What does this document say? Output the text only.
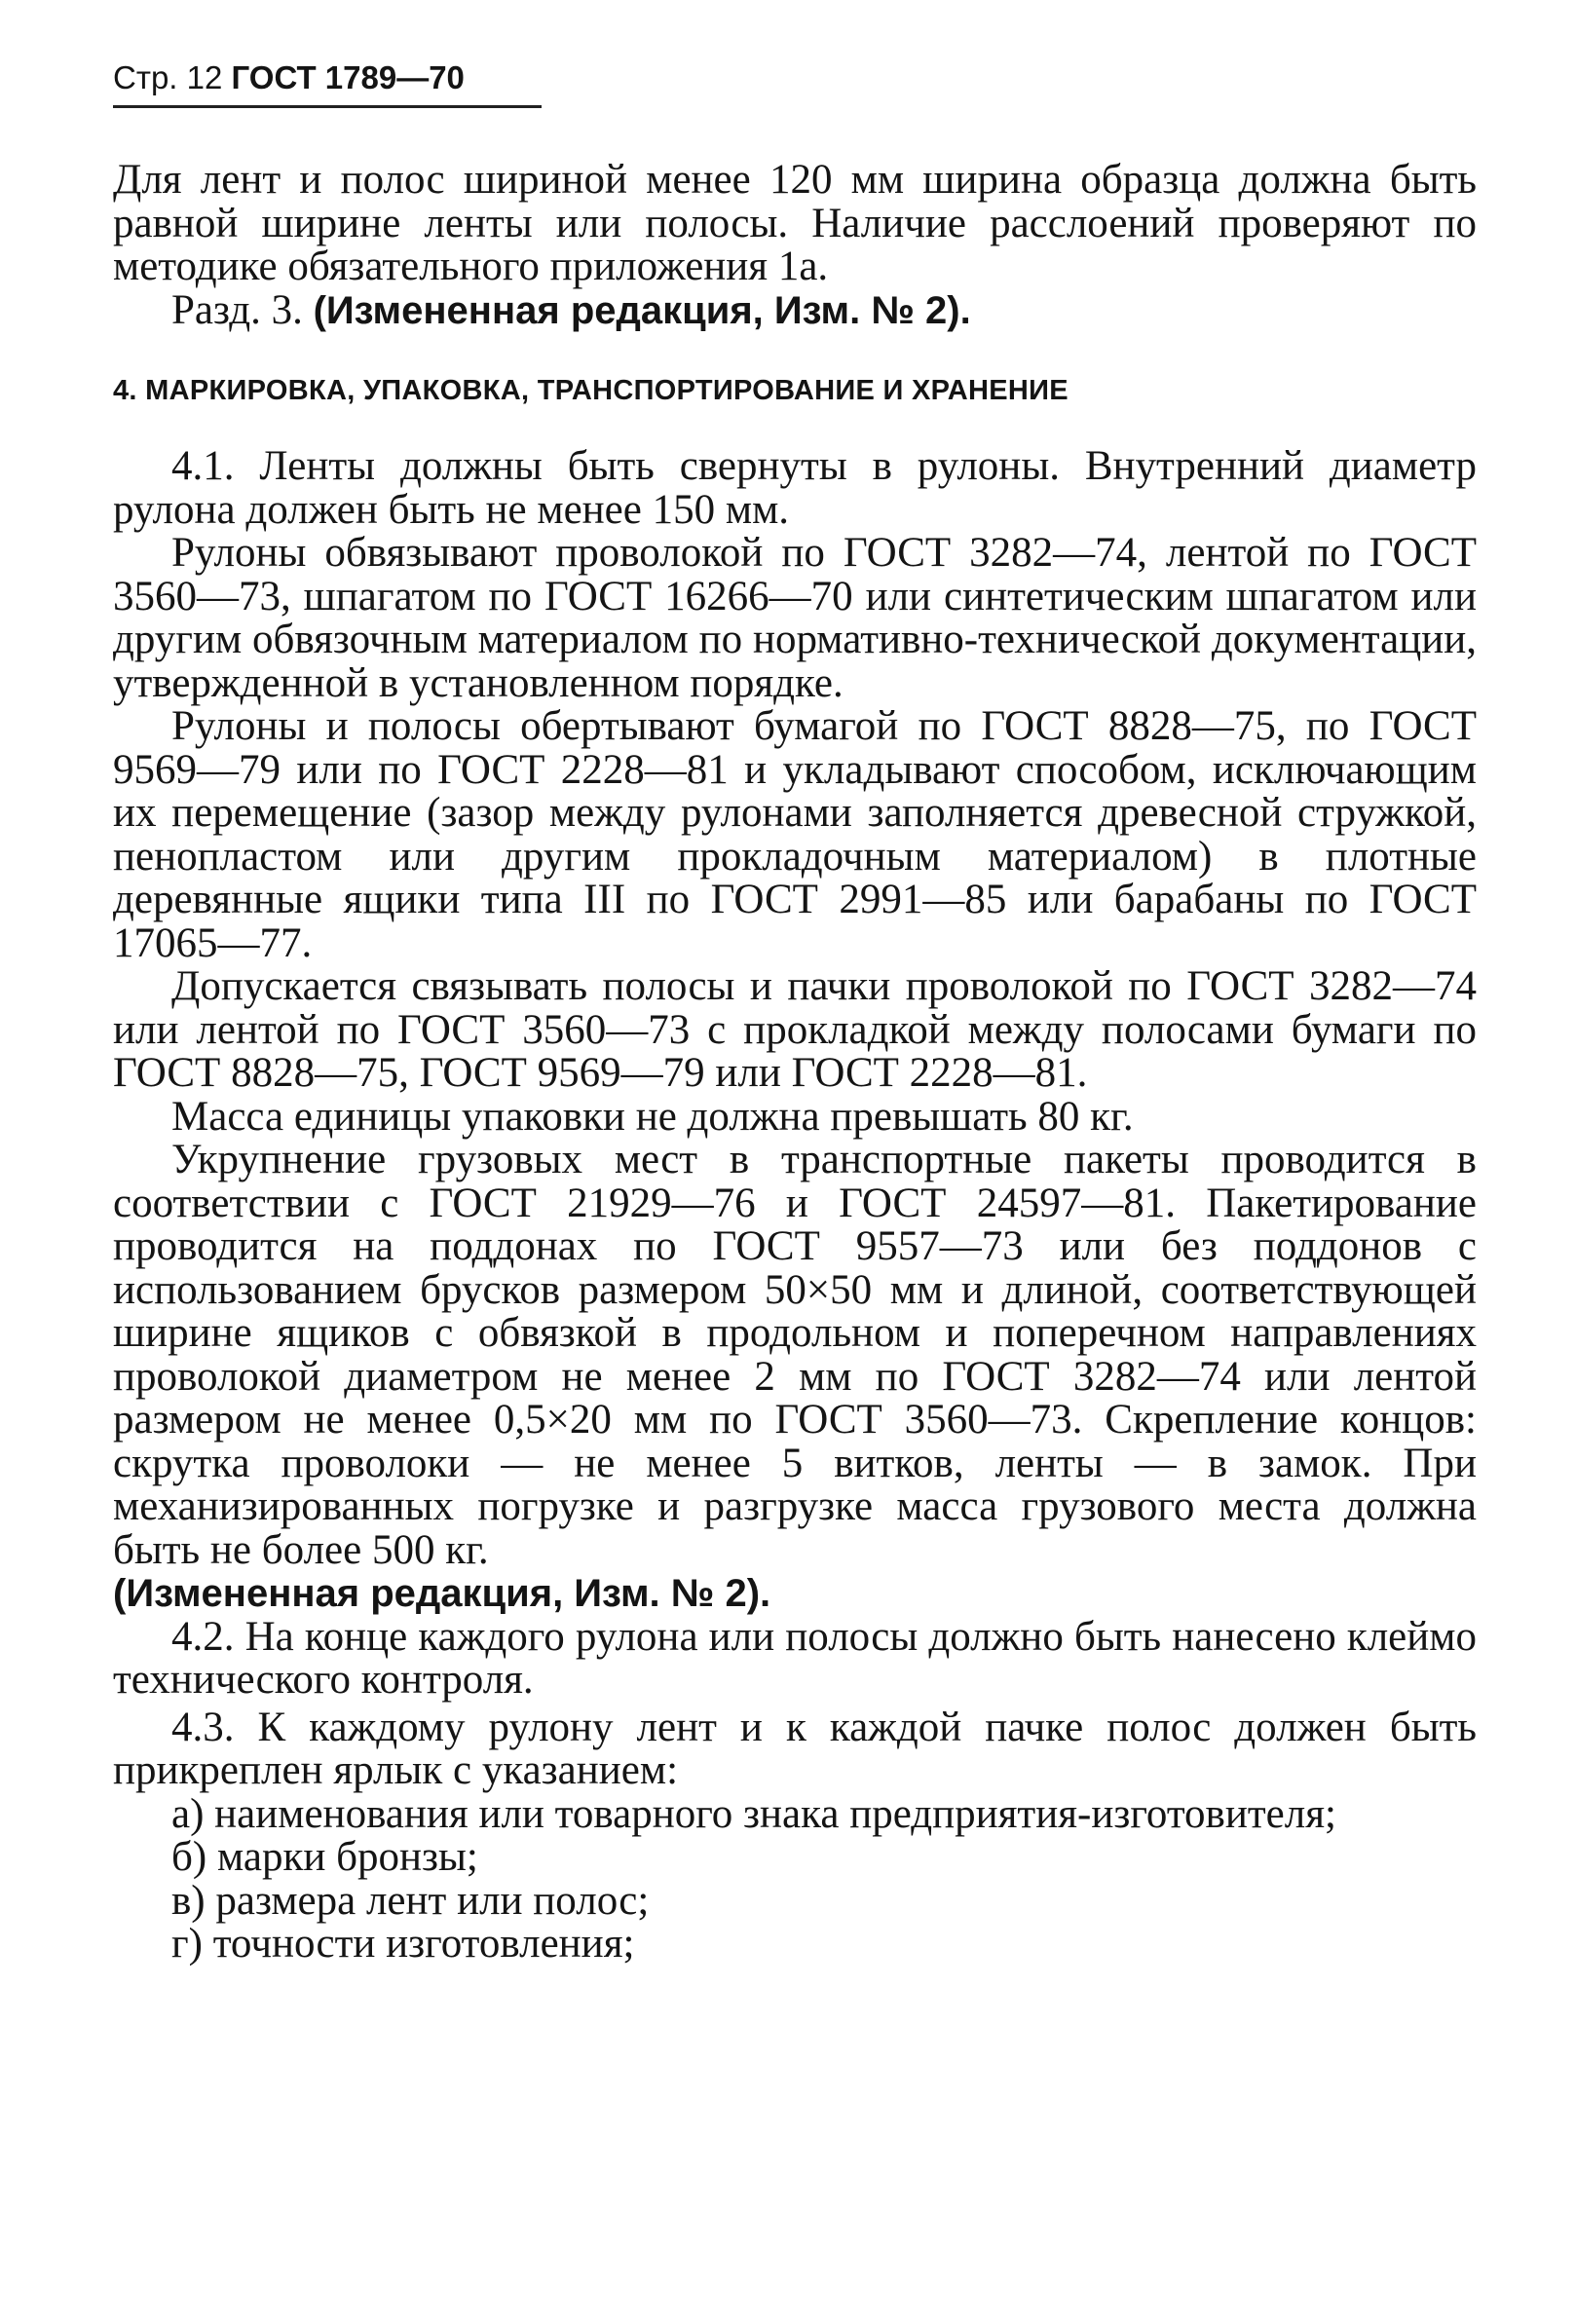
Стр. 12 ГОСТ 1789—70

Для лент и полос шириной менее 120 мм ширина образца должна быть равной ширине ленты или полосы. Наличие расслоений проверяют по методике обязательного приложения 1а.

Разд. 3. (Измененная редакция, Изм. № 2).

4. МАРКИРОВКА, УПАКОВКА, ТРАНСПОРТИРОВАНИЕ И ХРАНЕНИЕ

4.1. Ленты должны быть свернуты в рулоны. Внутренний диаметр рулона должен быть не менее 150 мм.

Рулоны обвязывают проволокой по ГОСТ 3282—74, лентой по ГОСТ 3560—73, шпагатом по ГОСТ 16266—70 или синтетическим шпагатом или другим обвязочным материалом по нормативно-технической документации, утвержденной в установленном порядке.

Рулоны и полосы обертывают бумагой по ГОСТ 8828—75, по ГОСТ 9569—79 или по ГОСТ 2228—81 и укладывают способом, исключающим их перемещение (зазор между рулонами заполняется древесной стружкой, пенопластом или другим прокладочным материалом) в плотные деревянные ящики типа III по ГОСТ 2991—85 или барабаны по ГОСТ 17065—77.

Допускается связывать полосы и пачки проволокой по ГОСТ 3282—74 или лентой по ГОСТ 3560—73 с прокладкой между полосами бумаги по ГОСТ 8828—75, ГОСТ 9569—79 или ГОСТ 2228—81.

Масса единицы упаковки не должна превышать 80 кг.

Укрупнение грузовых мест в транспортные пакеты проводится в соответствии с ГОСТ 21929—76 и ГОСТ 24597—81. Пакетирование проводится на поддонах по ГОСТ 9557—73 или без поддонов с использованием брусков размером 50×50 мм и длиной, соответствующей ширине ящиков с обвязкой в продольном и поперечном направлениях проволокой диаметром не менее 2 мм по ГОСТ 3282—74 или лентой размером не менее 0,5×20 мм по ГОСТ 3560—73. Скрепление концов: скрутка проволоки — не менее 5 витков, ленты — в замок. При механизированных погрузке и разгрузке масса грузового места должна быть не более 500 кг.

(Измененная редакция, Изм. № 2).

4.2. На конце каждого рулона или полосы должно быть нанесено клеймо технического контроля.

4.3. К каждому рулону лент и к каждой пачке полос должен быть прикреплен ярлык с указанием:

а) наименования или товарного знака предприятия-изготовителя;

б) марки бронзы;

в) размера лент или полос;

г) точности изготовления;
